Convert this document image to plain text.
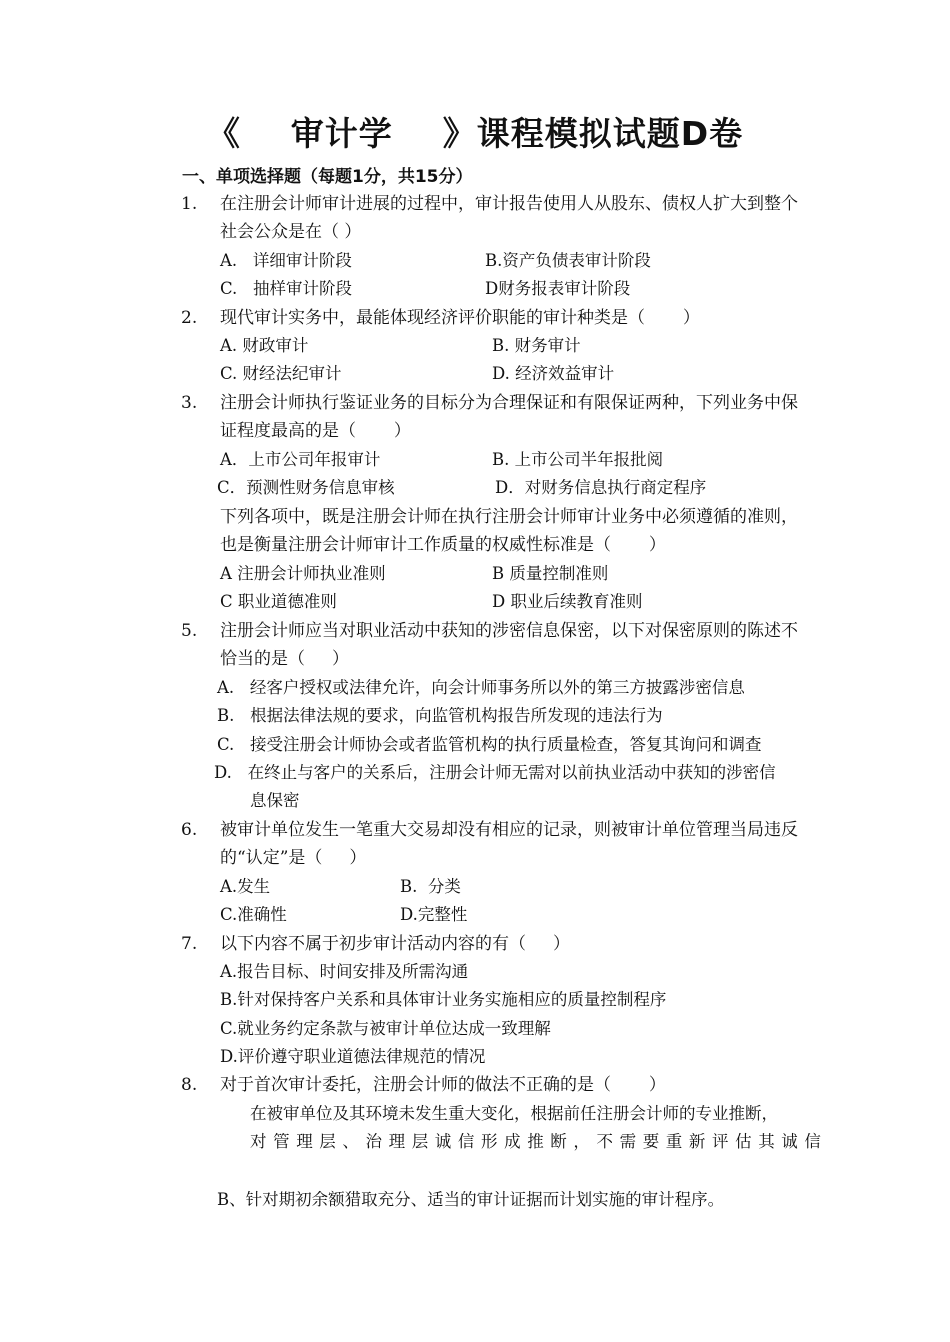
《    审计学    》课程模拟试题D卷
一、单项选择题（每题1分，共15分）
1. 在注册会计师审计进展的过程中，审计报告使用人从股东、债权人扩大到整个
社会公众是在（ ）
A.   详细审计阶段	B.资产负债表审计阶段
C.   抽样审计阶段	D财务报表审计阶段
2. 现代审计实务中，最能体现经济评价职能的审计种类是（       ）
A. 财政审计	B. 财务审计
C. 财经法纪审计	D. 经济效益审计
3. 注册会计师执行鉴证业务的目标分为合理保证和有限保证两种，下列业务中保
证程度最高的是（       ）
A．上市公司年报审计	B. 上市公司半年报批阅
C．预测性财务信息审核	D．对财务信息执行商定程序
下列各项中，既是注册会计师在执行注册会计师审计业务中必须遵循的准则，
也是衡量注册会计师审计工作质量的权威性标准是（       ）
A 注册会计师执业准则	B 质量控制准则
C 职业道德准则	D 职业后续教育准则
5. 注册会计师应当对职业活动中获知的涉密信息保密，以下对保密原则的陈述不
恰当的是（     ）
A.   经客户授权或法律允许，向会计师事务所以外的第三方披露涉密信息
B.   根据法律法规的要求，向监管机构报告所发现的违法行为
C.   接受注册会计师协会或者监管机构的执行质量检查，答复其询问和调查
D.   在终止与客户的关系后，注册会计师无需对以前执业活动中获知的涉密信
息保密
6. 被审计单位发生一笔重大交易却没有相应的记录，则被审计单位管理当局违反
的“认定”是（     ）
A.发生	B.  分类
C.准确性	D.完整性
7. 以下内容不属于初步审计活动内容的有（     ）
A.报告目标、时间安排及所需沟通
B.针对保持客户关系和具体审计业务实施相应的质量控制程序
C.就业务约定条款与被审计单位达成一致理解
D.评价遵守职业道德法律规范的情况
8. 对于首次审计委托，注册会计师的做法不正确的是（       ）
在被审单位及其环境未发生重大变化，根据前任注册会计师的专业推断，
对管理层、治理层诚信形成推断，不需要重新评估其诚信
B、针对期初余额猎取充分、适当的审计证据而计划实施的审计程序。
